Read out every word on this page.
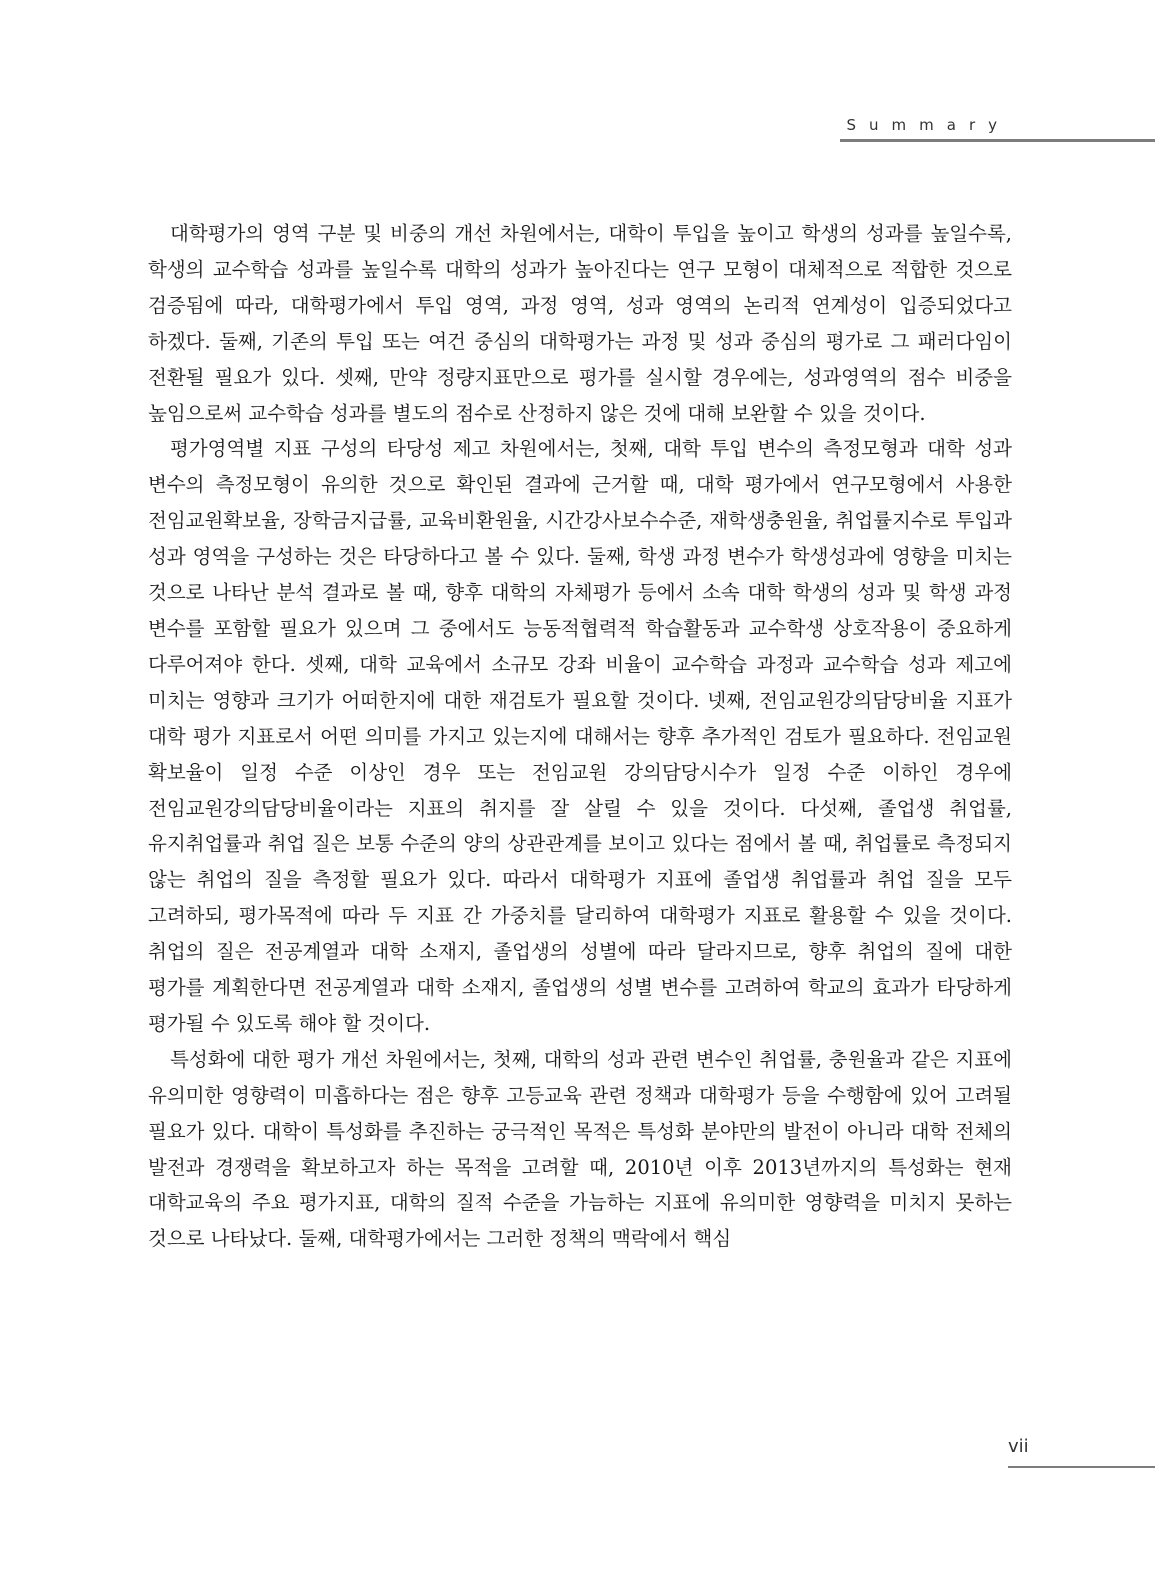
Summary

대학평가의 영역 구분 및 비중의 개선 차원에서는, 대학이 투입을 높이고 학생의 성과를 높일수록, 학생의 교수학습 성과를 높일수록 대학의 성과가 높아진다는 연구 모형이 대체적으로 적합한 것으로 검증됨에 따라, 대학평가에서 투입 영역, 과정 영역, 성과 영역의 논리적 연계성이 입증되었다고 하겠다. 둘째, 기존의 투입 또는 여건 중심의 대학평가는 과정 및 성과 중심의 평가로 그 패러다임이 전환될 필요가 있다. 셋째, 만약 정량지표만으로 평가를 실시할 경우에는, 성과영역의 점수 비중을 높임으로써 교수학습 성과를 별도의 점수로 산정하지 않은 것에 대해 보완할 수 있을 것이다.

평가영역별 지표 구성의 타당성 제고 차원에서는, 첫째, 대학 투입 변수의 측정모형과 대학 성과 변수의 측정모형이 유의한 것으로 확인된 결과에 근거할 때, 대학 평가에서 연구모형에서 사용한 전임교원확보율, 장학금지급률, 교육비환원율, 시간강사보수수준, 재학생충원율, 취업률지수로 투입과 성과 영역을 구성하는 것은 타당하다고 볼 수 있다. 둘째, 학생 과정 변수가 학생성과에 영향을 미치는 것으로 나타난 분석 결과로 볼 때, 향후 대학의 자체평가 등에서 소속 대학 학생의 성과 및 학생 과정 변수를 포함할 필요가 있으며 그 중에서도 능동적협력적 학습활동과 교수학생 상호작용이 중요하게 다루어져야 한다. 셋째, 대학 교육에서 소규모 강좌 비율이 교수학습 과정과 교수학습 성과 제고에 미치는 영향과 크기가 어떠한지에 대한 재검토가 필요할 것이다. 넷째, 전임교원강의담당비율 지표가 대학 평가 지표로서 어떤 의미를 가지고 있는지에 대해서는 향후 추가적인 검토가 필요하다. 전임교원 확보율이 일정 수준 이상인 경우 또는 전임교원 강의담당시수가 일정 수준 이하인 경우에 전임교원강의담당비율이라는 지표의 취지를 잘 살릴 수 있을 것이다. 다섯째, 졸업생 취업률, 유지취업률과 취업 질은 보통 수준의 양의 상관관계를 보이고 있다는 점에서 볼 때, 취업률로 측정되지 않는 취업의 질을 측정할 필요가 있다. 따라서 대학평가 지표에 졸업생 취업률과 취업 질을 모두 고려하되, 평가목적에 따라 두 지표 간 가중치를 달리하여 대학평가 지표로 활용할 수 있을 것이다. 취업의 질은 전공계열과 대학 소재지, 졸업생의 성별에 따라 달라지므로, 향후 취업의 질에 대한 평가를 계획한다면 전공계열과 대학 소재지, 졸업생의 성별 변수를 고려하여 학교의 효과가 타당하게 평가될 수 있도록 해야 할 것이다.

특성화에 대한 평가 개선 차원에서는, 첫째, 대학의 성과 관련 변수인 취업률, 충원율과 같은 지표에 유의미한 영향력이 미흡하다는 점은 향후 고등교육 관련 정책과 대학평가 등을 수행함에 있어 고려될 필요가 있다. 대학이 특성화를 추진하는 궁극적인 목적은 특성화 분야만의 발전이 아니라 대학 전체의 발전과 경쟁력을 확보하고자 하는 목적을 고려할 때, 2010년 이후 2013년까지의 특성화는 현재 대학교육의 주요 평가지표, 대학의 질적 수준을 가늠하는 지표에 유의미한 영향력을 미치지 못하는 것으로 나타났다. 둘째, 대학평가에서는 그러한 정책의 맥락에서 핵심

vii
